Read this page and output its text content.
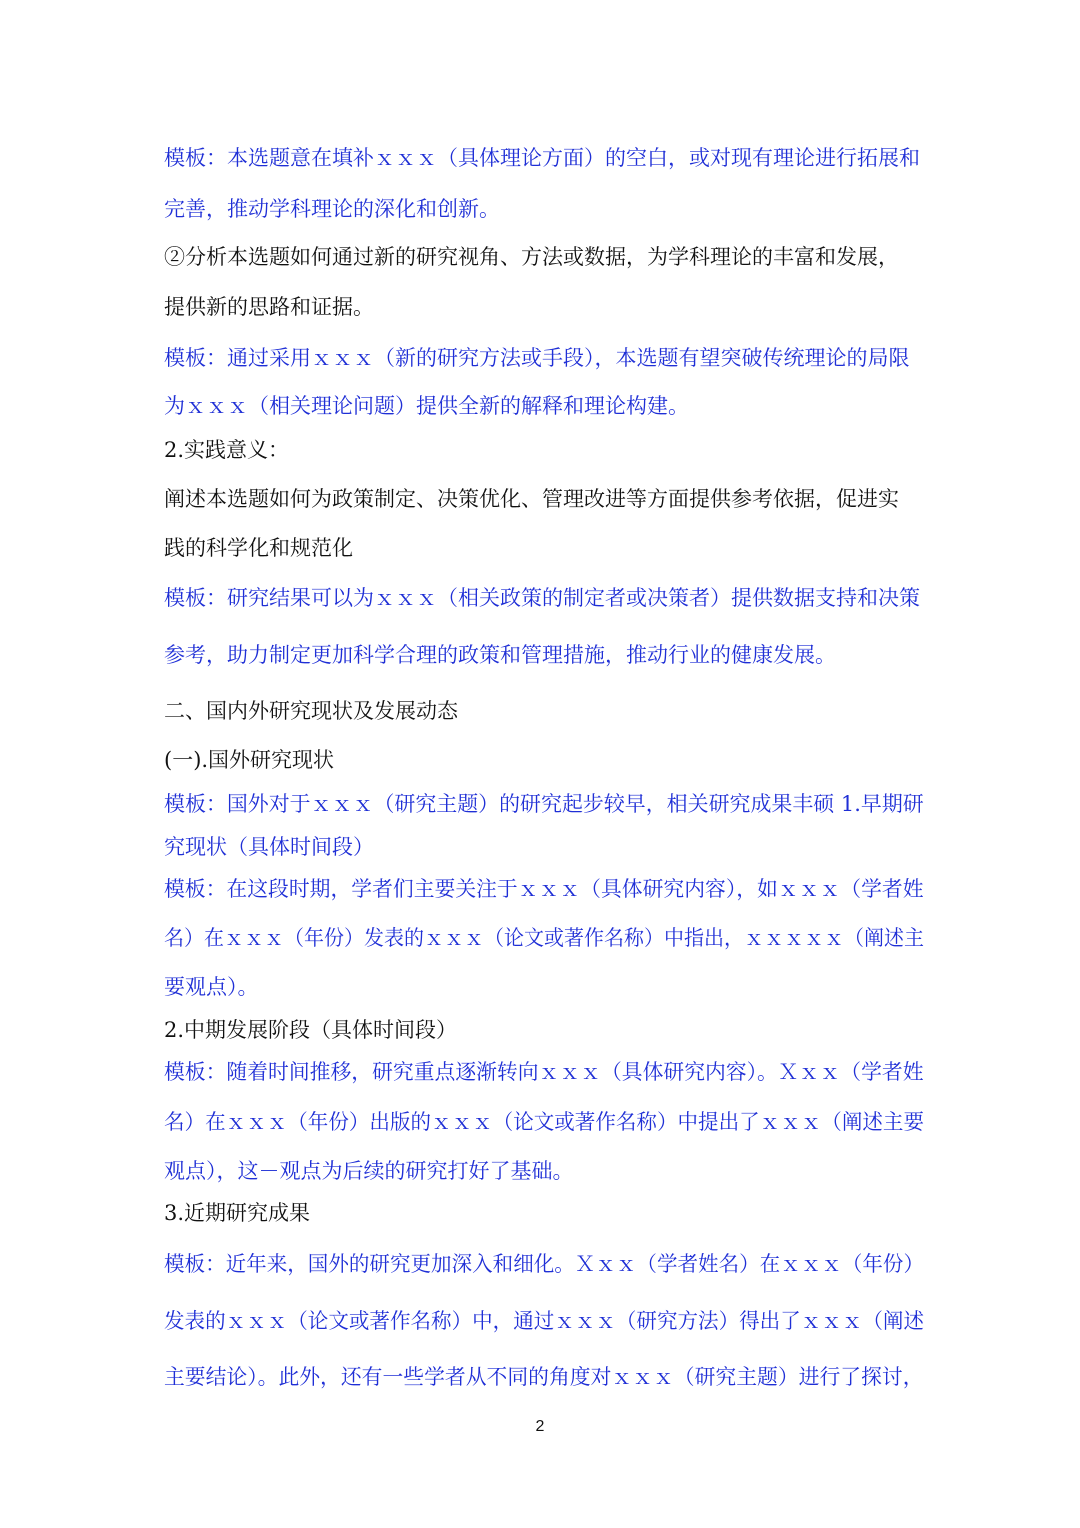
模板：本选题意在填补ｘｘｘ（具体理论方面）的空白，或对现有理论进行拓展和
完善，推动学科理论的深化和创新。
②分析本选题如何通过新的研究视角、方法或数据，为学科理论的丰富和发展，
提供新的思路和证据。
模板：通过采用ｘｘｘ（新的研究方法或手段），本选题有望突破传统理论的局限
为ｘｘｘ（相关理论问题）提供全新的解释和理论构建。
2.实践意义：
阐述本选题如何为政策制定、决策优化、管理改进等方面提供参考依据，促进实
践的科学化和规范化
模板：研究结果可以为ｘｘｘ（相关政策的制定者或决策者）提供数据支持和决策
参考，助力制定更加科学合理的政策和管理措施，推动行业的健康发展。
二、国内外研究现状及发展动态
(一).国外研究现状
模板：国外对于ｘｘｘ（研究主题）的研究起步较早，相关研究成果丰硕 1.早期研
究现状（具体时间段）
模板：在这段时期，学者们主要关注于ｘｘｘ（具体研究内容），如ｘｘｘ（学者姓
名）在ｘｘｘ（年份）发表的ｘｘｘ（论文或著作名称）中指出，ｘｘｘｘｘ（阐述主
要观点）。
2.中期发展阶段（具体时间段）
模板：随着时间推移，研究重点逐渐转向ｘｘｘ（具体研究内容）。Ｘｘｘ（学者姓
名）在ｘｘｘ（年份）出版的ｘｘｘ（论文或著作名称）中提出了ｘｘｘ（阐述主要
观点），这－观点为后续的研究打好了基础。
3.近期研究成果
模板：近年来，国外的研究更加深入和细化。Ｘｘｘ（学者姓名）在ｘｘｘ（年份）
发表的ｘｘｘ（论文或著作名称）中，通过ｘｘｘ（研究方法）得出了ｘｘｘ（阐述
主要结论）。此外，还有一些学者从不同的角度对ｘｘｘ（研究主题）进行了探讨，
2
